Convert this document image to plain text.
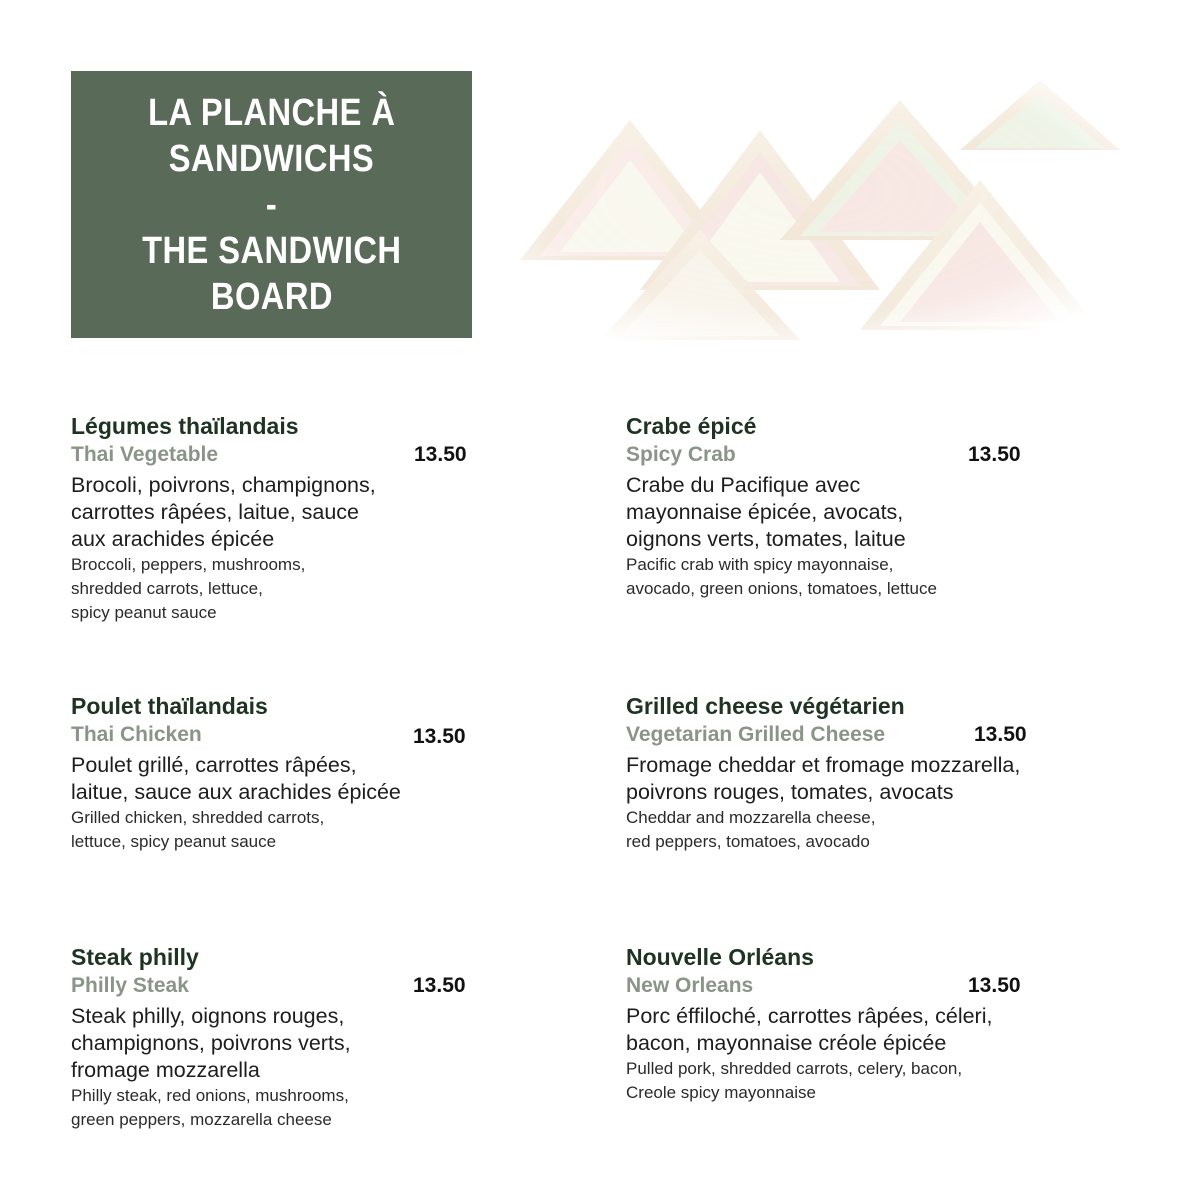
LA PLANCHE À
SANDWICHS
-
THE SANDWICH
BOARD
Légumes thaïlandais
Thai Vegetable	13.50
Brocoli, poivrons, champignons,
carrottes râpées, laitue, sauce
aux arachides épicée
Broccoli, peppers, mushrooms,
shredded carrots, lettuce,
spicy peanut sauce
Crabe épicé
Spicy Crab	13.50
Crabe du Pacifique avec
mayonnaise épicée, avocats,
oignons verts, tomates, laitue
Pacific crab with spicy mayonnaise,
avocado, green onions, tomatoes, lettuce
Poulet thaïlandais
Thai Chicken	13.50
Poulet grillé, carrottes râpées,
laitue, sauce aux arachides épicée
Grilled chicken, shredded carrots,
lettuce, spicy peanut sauce
Grilled cheese végétarien
Vegetarian Grilled Cheese	13.50
Fromage cheddar et fromage mozzarella,
poivrons rouges, tomates, avocats
Cheddar and mozzarella cheese,
red peppers, tomatoes, avocado
Steak philly
Philly Steak	13.50
Steak philly, oignons rouges,
champignons, poivrons verts,
fromage mozzarella
Philly steak, red onions, mushrooms,
green peppers, mozzarella cheese
Nouvelle Orléans
New Orleans	13.50
Porc éffiloché, carrottes râpées, céleri,
bacon, mayonnaise créole épicée
Pulled pork, shredded carrots, celery, bacon,
Creole spicy mayonnaise
